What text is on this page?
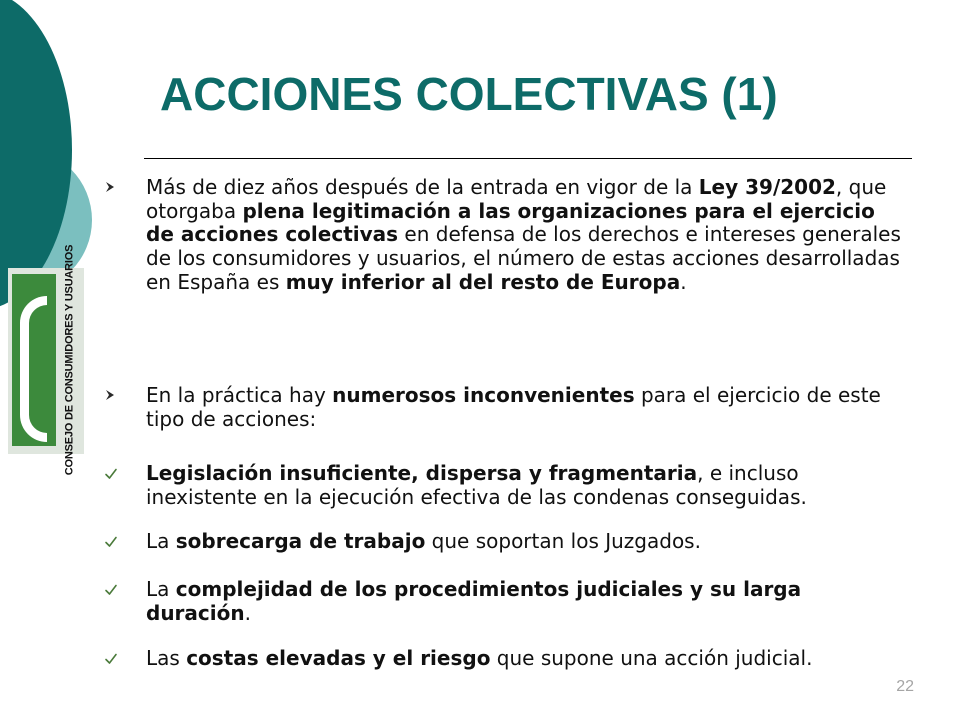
ACCIONES COLECTIVAS (1)
CONSEJO DE CONSUMIDORES Y USUARIOS
Más de diez años después de la entrada en vigor de la Ley 39/2002, que otorgaba plena legitimación a las organizaciones para el ejercicio de acciones colectivas en defensa de los derechos e intereses generales de los consumidores y usuarios, el número de estas acciones desarrolladas en España es muy inferior al del resto de Europa.
En la práctica hay numerosos inconvenientes para el ejercicio de este tipo de acciones:
Legislación insuficiente, dispersa y fragmentaria, e incluso inexistente en la ejecución efectiva de las condenas conseguidas.
La sobrecarga de trabajo que soportan los Juzgados.
La complejidad de los procedimientos judiciales y su larga duración.
Las costas elevadas y el riesgo que supone una acción judicial.
22
